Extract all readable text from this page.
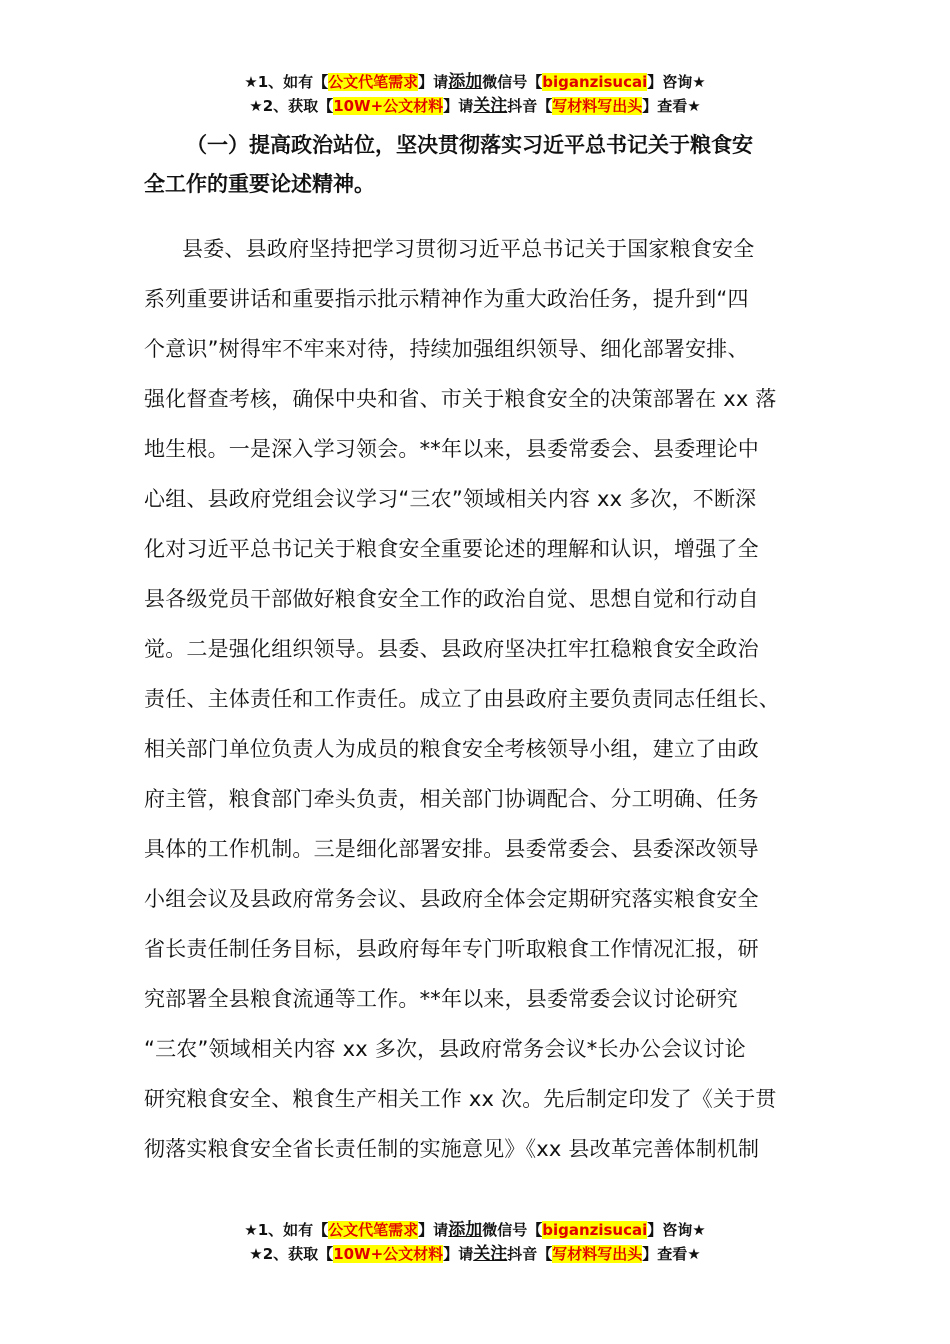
★1、如有【公文代笔需求】请添加微信号【biganzisucai】咨询★
★2、获取【10W+公文材料】请关注抖音【写材料写出头】查看★
（一）提高政治站位，坚决贯彻落实习近平总书记关于粮食安
全工作的重要论述精神。
县委、县政府坚持把学习贯彻习近平总书记关于国家粮食安全
系列重要讲话和重要指示批示精神作为重大政治任务，提升到“四
个意识”树得牢不牢来对待，持续加强组织领导、细化部署安排、
强化督查考核，确保中央和省、市关于粮食安全的决策部署在 xx 落
地生根。一是深入学习领会。**年以来，县委常委会、县委理论中
心组、县政府党组会议学习“三农”领域相关内容 xx 多次，不断深
化对习近平总书记关于粮食安全重要论述的理解和认识，增强了全
县各级党员干部做好粮食安全工作的政治自觉、思想自觉和行动自
觉。二是强化组织领导。县委、县政府坚决扛牢扛稳粮食安全政治
责任、主体责任和工作责任。成立了由县政府主要负责同志任组长、
相关部门单位负责人为成员的粮食安全考核领导小组，建立了由政
府主管，粮食部门牵头负责，相关部门协调配合、分工明确、任务
具体的工作机制。三是细化部署安排。县委常委会、县委深改领导
小组会议及县政府常务会议、县政府全体会定期研究落实粮食安全
省长责任制任务目标，县政府每年专门听取粮食工作情况汇报，研
究部署全县粮食流通等工作。**年以来，县委常委会议讨论研究
“三农”领域相关内容 xx 多次，县政府常务会议*长办公会议讨论
研究粮食安全、粮食生产相关工作 xx 次。先后制定印发了《关于贯
彻落实粮食安全省长责任制的实施意见》《xx 县改革完善体制机制
★1、如有【公文代笔需求】请添加微信号【biganzisucai】咨询★
★2、获取【10W+公文材料】请关注抖音【写材料写出头】查看★
